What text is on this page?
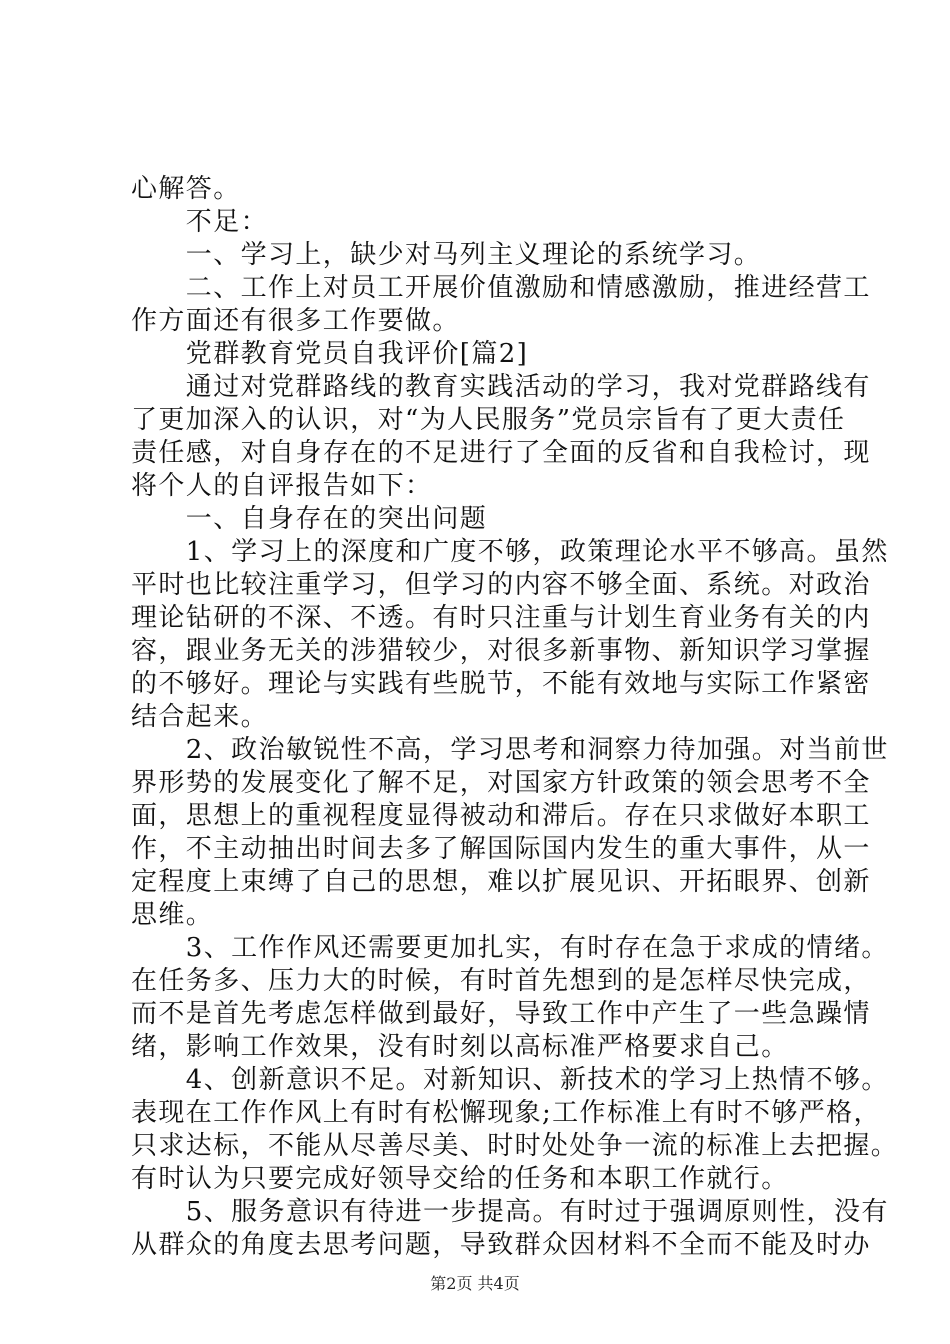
心解答。
　　不足：
　　一、学习上，缺少对马列主义理论的系统学习。
　　二、工作上对员工开展价值激励和情感激励，推进经营工
作方面还有很多工作要做。
　　党群教育党员自我评价[篇2]
　　通过对党群路线的教育实践活动的学习，我对党群路线有
了更加深入的认识，对“为人民服务”党员宗旨有了更大责任
责任感，对自身存在的不足进行了全面的反省和自我检讨，现
将个人的自评报告如下：
　　一、自身存在的突出问题
　　1、学习上的深度和广度不够，政策理论水平不够高。虽然
平时也比较注重学习，但学习的内容不够全面、系统。对政治
理论钻研的不深、不透。有时只注重与计划生育业务有关的内
容，跟业务无关的涉猎较少，对很多新事物、新知识学习掌握
的不够好。理论与实践有些脱节，不能有效地与实际工作紧密
结合起来。
　　2、政治敏锐性不高，学习思考和洞察力待加强。对当前世
界形势的发展变化了解不足，对国家方针政策的领会思考不全
面，思想上的重视程度显得被动和滞后。存在只求做好本职工
作，不主动抽出时间去多了解国际国内发生的重大事件，从一
定程度上束缚了自己的思想，难以扩展见识、开拓眼界、创新
思维。
　　3、工作作风还需要更加扎实，有时存在急于求成的情绪。
在任务多、压力大的时候，有时首先想到的是怎样尽快完成，
而不是首先考虑怎样做到最好，导致工作中产生了一些急躁情
绪，影响工作效果，没有时刻以高标准严格要求自己。
　　4、创新意识不足。对新知识、新技术的学习上热情不够。
表现在工作作风上有时有松懈现象;工作标准上有时不够严格，
只求达标，不能从尽善尽美、时时处处争一流的标准上去把握。
有时认为只要完成好领导交给的任务和本职工作就行。
　　5、服务意识有待进一步提高。有时过于强调原则性，没有
从群众的角度去思考问题，导致群众因材料不全而不能及时办
第2页 共4页
